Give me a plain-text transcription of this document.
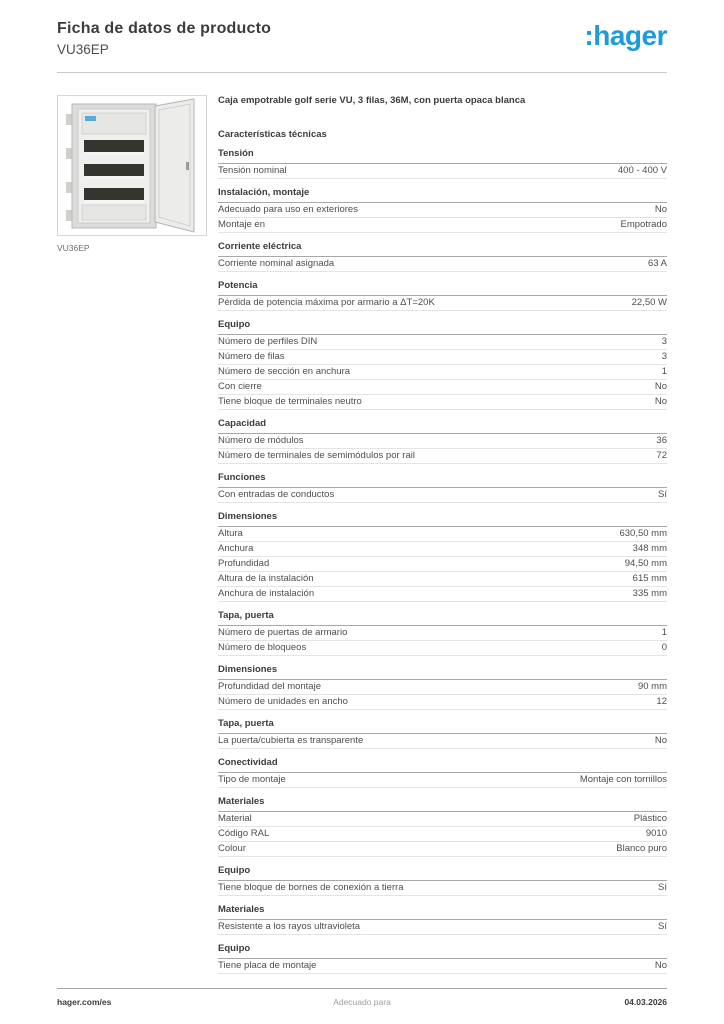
Ficha de datos de producto
VU36EP	:hager
VU36EP
Caja empotrable golf serie VU, 3 filas, 36M, con puerta opaca blanca
Características técnicas
Tensión
Tensión nominal	400 - 400 V
Instalación, montaje
Adecuado para uso en exteriores	No
Montaje en	Empotrado
Corriente eléctrica
Corriente nominal asignada	63 A
Potencia
Pérdida de potencia máxima por armario a ΔT=20K	22,50 W
Equipo
Número de perfiles DIN	3
Número de filas	3
Número de sección en anchura	1
Con cierre	No
Tiene bloque de terminales neutro	No
Capacidad
Número de módulos	36
Número de terminales de semimódulos por rail	72
Funciones
Con entradas de conductos	Sí
Dimensiones
Altura	630,50 mm
Anchura	348 mm
Profundidad	94,50 mm
Altura de la instalación	615 mm
Anchura de instalación	335 mm
Tapa, puerta
Número de puertas de armario	1
Número de bloqueos	0
Dimensiones
Profundidad del montaje	90 mm
Número de unidades en ancho	12
Tapa, puerta
La puerta/cubierta es transparente	No
Conectividad
Tipo de montaje	Montaje con tornillos
Materiales
Material	Plástico
Código RAL	9010
Colour	Blanco puro
Equipo
Tiene bloque de bornes de conexión a tierra	Sí
Materiales
Resistente a los rayos ultravioleta	Sí
Equipo
Tiene placa de montaje	No
Adecuado para
hager.com/es	04.03.2026
